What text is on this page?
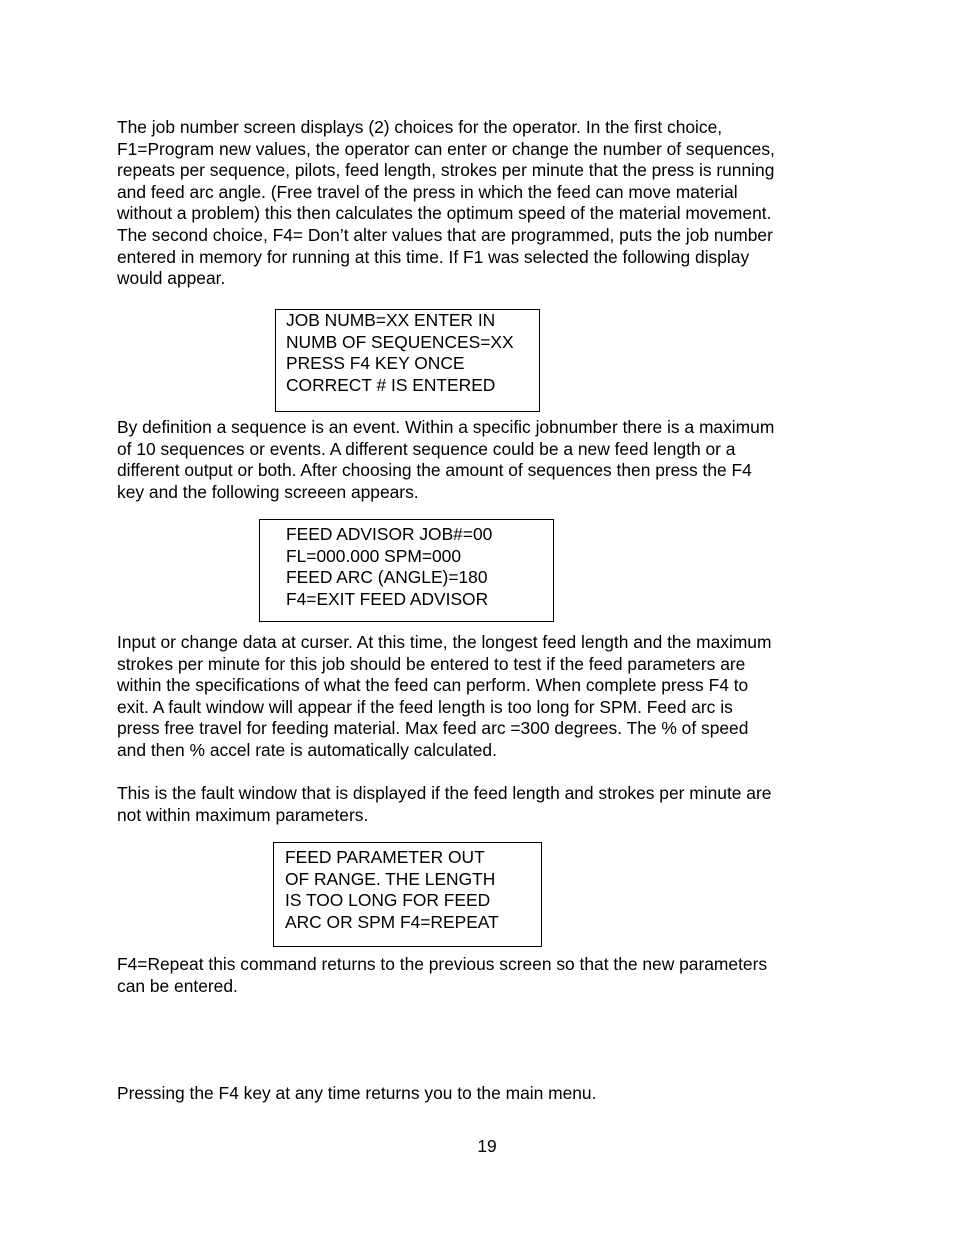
The job number screen displays (2) choices for the operator. In the first choice,
F1=Program new values, the operator can enter or change the number of sequences,
repeats per sequence, pilots, feed length, strokes per minute that the press is running
and feed arc angle. (Free travel of the press in which the feed can move material
without a problem) this then calculates the optimum speed of the material movement.
The second choice, F4= Don’t alter values that are programmed, puts the job number
entered in memory for running at this time. If F1 was selected the following display
would appear.
JOB NUMB=XX ENTER IN
NUMB OF SEQUENCES=XX
PRESS F4 KEY ONCE
CORRECT # IS ENTERED
By definition a sequence is an event. Within a specific jobnumber there is a maximum
of 10 sequences or events. A different sequence could be a new feed length or a
different output or both. After choosing the amount of sequences then press the F4
key and the following screeen appears.
FEED ADVISOR JOB#=00
FL=000.000 SPM=000
FEED ARC (ANGLE)=180
F4=EXIT FEED ADVISOR
Input or change data at curser. At this time, the longest feed length and the maximum
strokes per minute for this job should be entered to test if the feed parameters are
within the specifications of what the feed can perform. When complete press F4 to
exit. A fault window will appear if the feed length is too long for SPM. Feed arc is
press free travel for feeding material. Max feed arc =300 degrees. The % of speed
and then % accel rate is automatically calculated.
This is the fault window that is displayed if the feed length and strokes per minute are
not within maximum parameters.
FEED PARAMETER OUT
OF RANGE. THE LENGTH
IS TOO LONG FOR FEED
ARC OR SPM F4=REPEAT
F4=Repeat this command returns to the previous screen so that the new parameters
can be entered.
Pressing the F4 key at any time returns you to the main menu.
19
